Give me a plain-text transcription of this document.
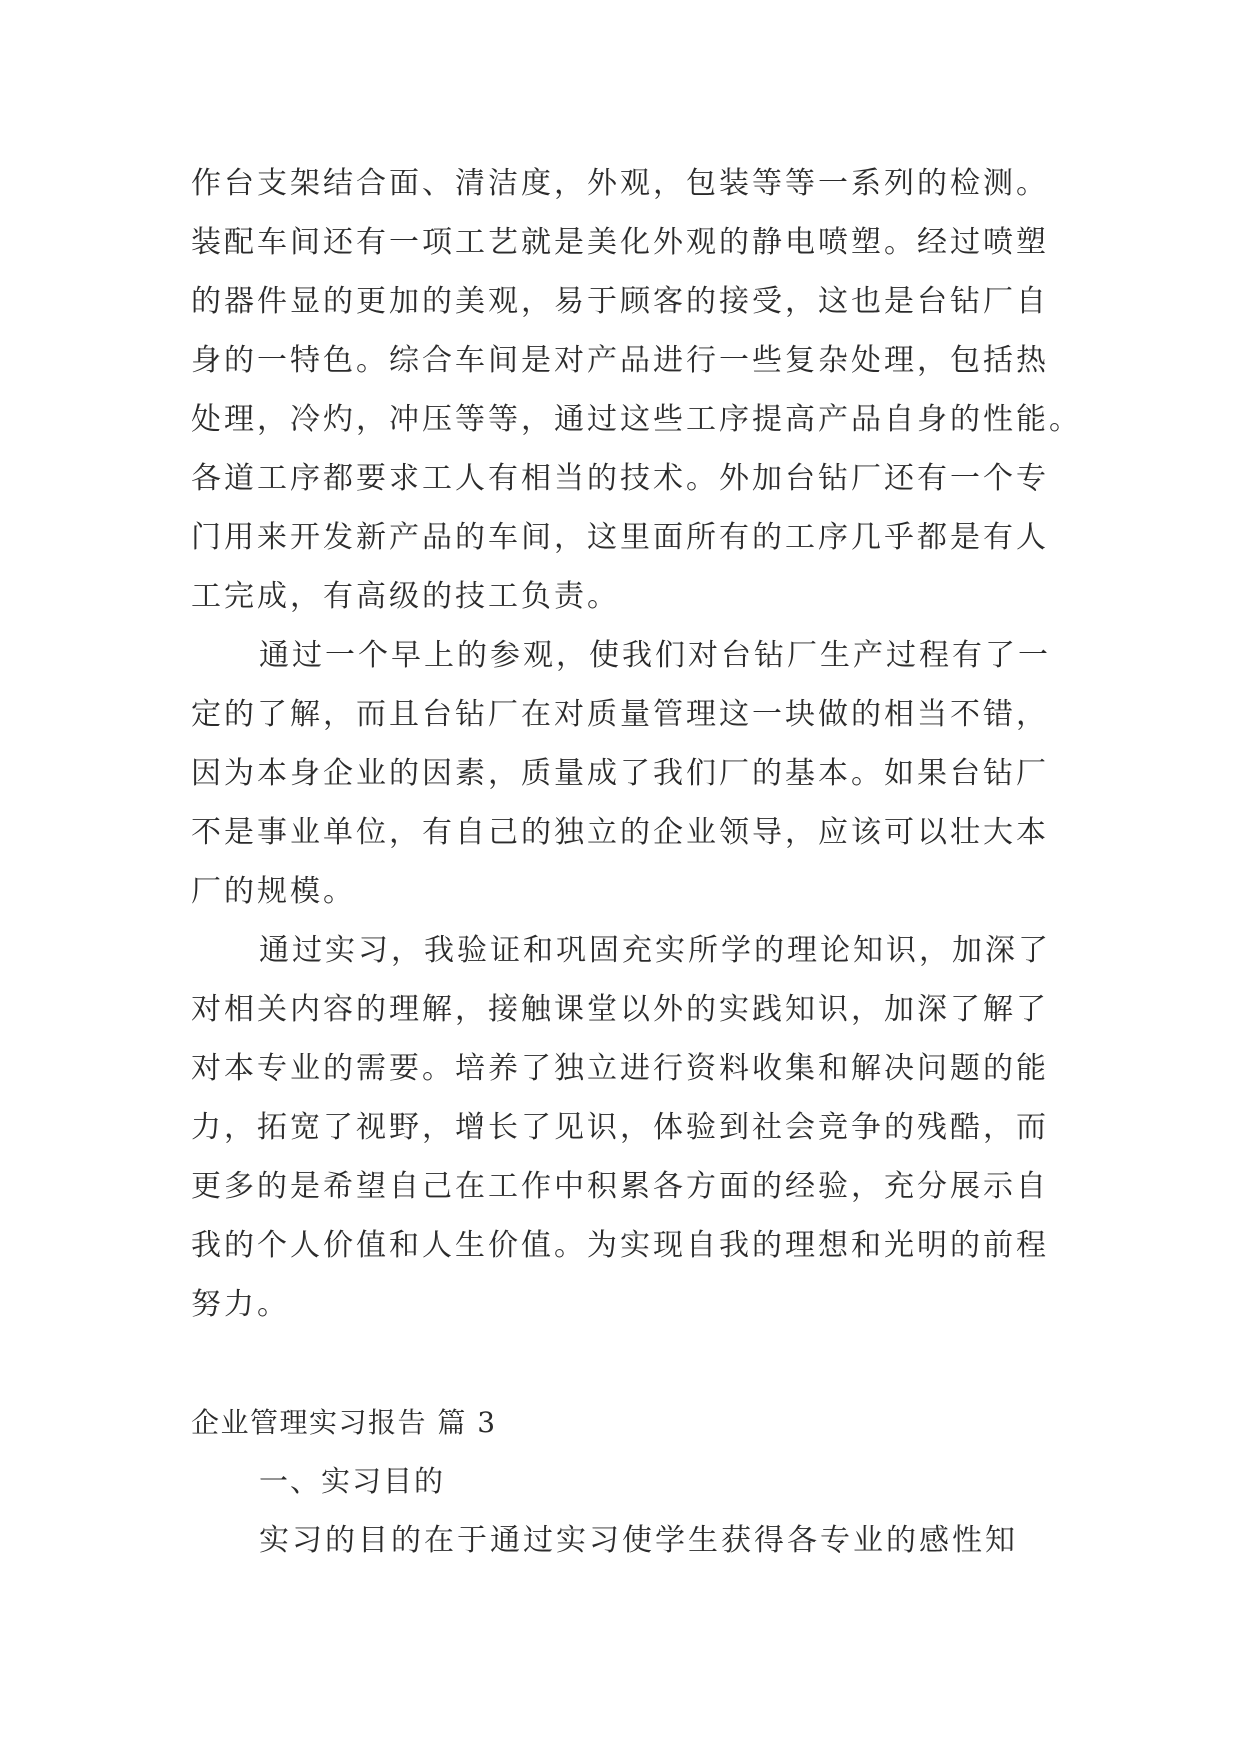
作台支架结合面、清洁度，外观，包装等等一系列的检测。
装配车间还有一项工艺就是美化外观的静电喷塑。经过喷塑
的器件显的更加的美观，易于顾客的接受，这也是台钻厂自
身的一特色。综合车间是对产品进行一些复杂处理，包括热
处理，冷灼，冲压等等，通过这些工序提高产品自身的性能。
各道工序都要求工人有相当的技术。外加台钻厂还有一个专
门用来开发新产品的车间，这里面所有的工序几乎都是有人
工完成，有高级的技工负责。
通过一个早上的参观，使我们对台钻厂生产过程有了一
定的了解，而且台钻厂在对质量管理这一块做的相当不错，
因为本身企业的因素，质量成了我们厂的基本。如果台钻厂
不是事业单位，有自己的独立的企业领导，应该可以壮大本
厂的规模。
通过实习，我验证和巩固充实所学的理论知识，加深了
对相关内容的理解，接触课堂以外的实践知识，加深了解了
对本专业的需要。培养了独立进行资料收集和解决问题的能
力，拓宽了视野，增长了见识，体验到社会竞争的残酷，而
更多的是希望自己在工作中积累各方面的经验，充分展示自
我的个人价值和人生价值。为实现自我的理想和光明的前程
努力。
企业管理实习报告 篇 3
一、实习目的
实习的目的在于通过实习使学生获得各专业的感性知
